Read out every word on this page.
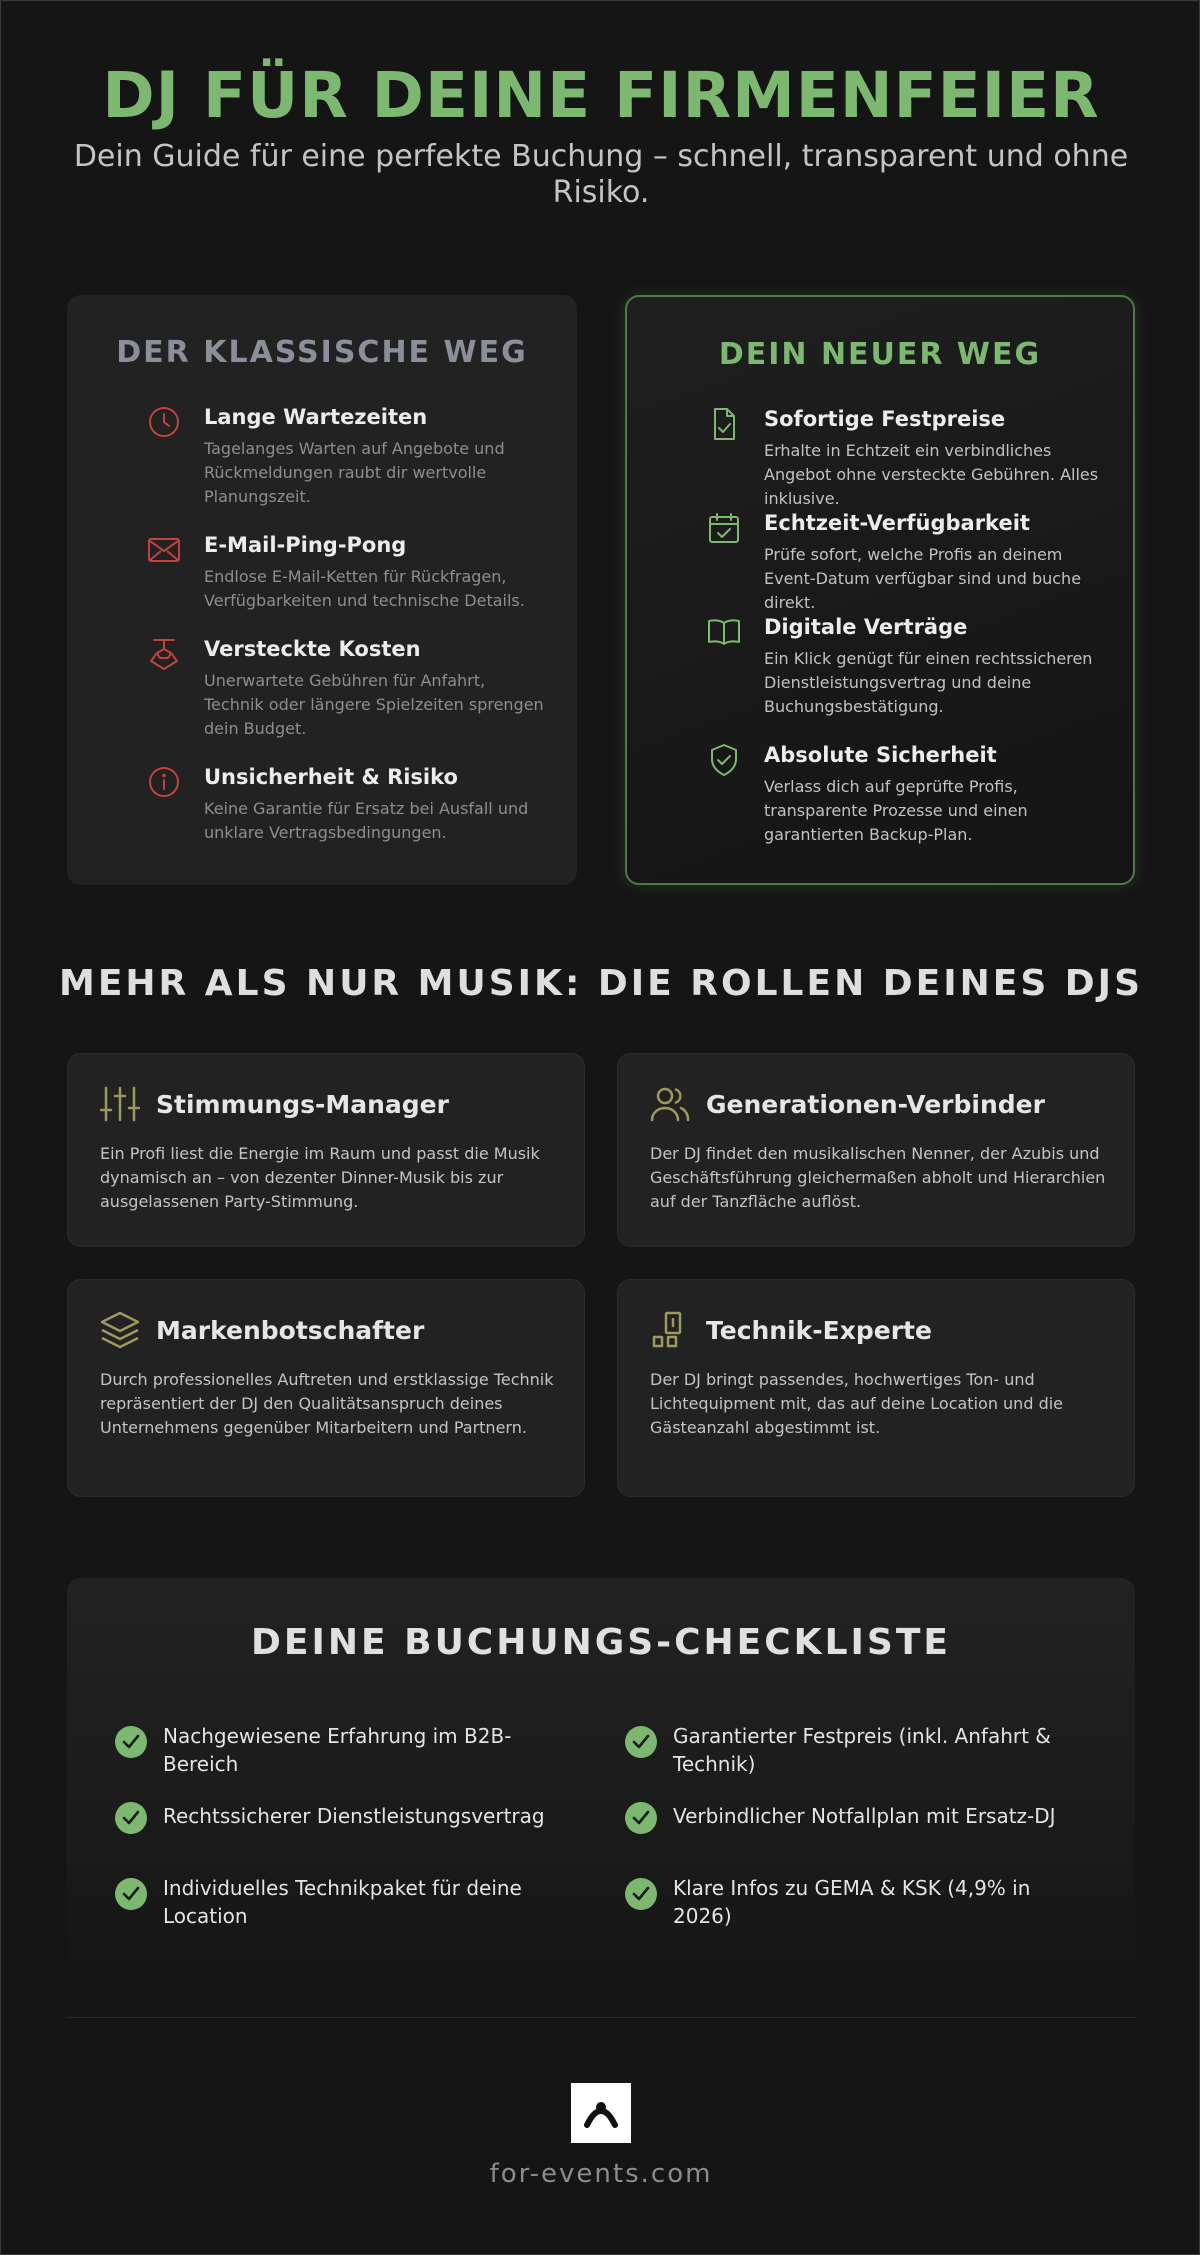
DJ FÜR DEINE FIRMENFEIER

Dein Guide für eine perfekte Buchung – schnell, transparent und ohne Risiko.

DER KLASSISCHE WEG
Lange Wartezeiten
Tagelanges Warten auf Angebote und Rückmeldungen raubt dir wertvolle Planungszeit.
E-Mail-Ping-Pong
Endlose E-Mail-Ketten für Rückfragen, Verfügbarkeiten und technische Details.
Versteckte Kosten
Unerwartete Gebühren für Anfahrt, Technik oder längere Spielzeiten sprengen dein Budget.
Unsicherheit & Risiko
Keine Garantie für Ersatz bei Ausfall und unklare Vertragsbedingungen.
DEIN NEUER WEG
Sofortige Festpreise
Erhalte in Echtzeit ein verbindliches Angebot ohne versteckte Gebühren. Alles inklusive.
Echtzeit-Verfügbarkeit
Prüfe sofort, welche Profis an deinem Event-Datum verfügbar sind und buche direkt.
Digitale Verträge
Ein Klick genügt für einen rechtssicheren Dienstleistungsvertrag und deine Buchungsbestätigung.
Absolute Sicherheit
Verlass dich auf geprüfte Profis, transparente Prozesse und einen garantierten Backup-Plan.
MEHR ALS NUR MUSIK: DIE ROLLEN DEINES DJS
Stimmungs-Manager
Ein Profi liest die Energie im Raum und passt die Musik dynamisch an – von dezenter Dinner-Musik bis zur ausgelassenen Party-Stimmung.
Generationen-Verbinder
Der DJ findet den musikalischen Nenner, der Azubis und Geschäftsführung gleichermaßen abholt und Hierarchien auf der Tanzfläche auflöst.
Markenbotschafter
Durch professionelles Auftreten und erstklassige Technik repräsentiert der DJ den Qualitätsanspruch deines Unternehmens gegenüber Mitarbeitern und Partnern.
Technik-Experte
Der DJ bringt passendes, hochwertiges Ton- und Lichtequipment mit, das auf deine Location und die Gästeanzahl abgestimmt ist.
DEINE BUCHUNGS-CHECKLISTE
Nachgewiesene Erfahrung im B2B-Bereich
Garantierter Festpreis (inkl. Anfahrt & Technik)
Rechtssicherer Dienstleistungsvertrag	Verbindlicher Notfallplan mit Ersatz-DJ
Individuelles Technikpaket für deine Location
Klare Infos zu GEMA & KSK (4,9% in 2026)
for-events.com
